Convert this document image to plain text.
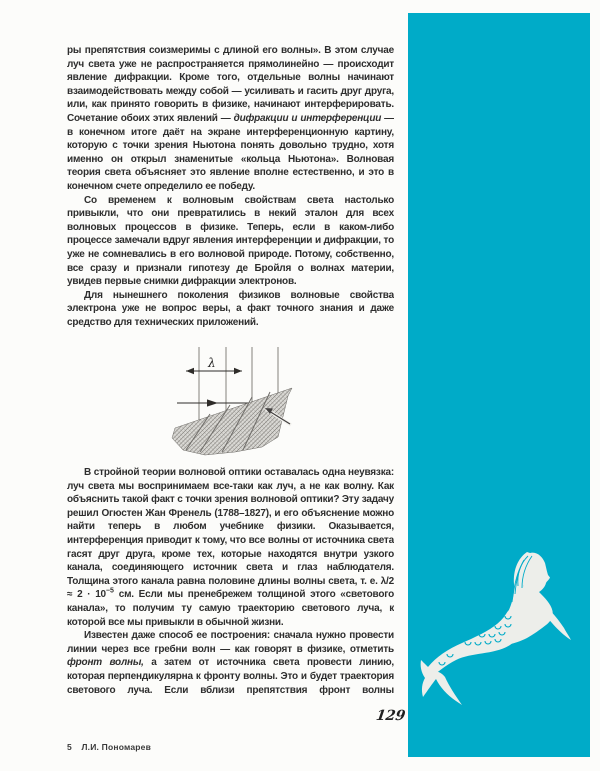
ры препятствия соизмеримы с длиной его волны». В этом случае луч света уже не распространяется прямолинейно — происходит явление дифракции. Кроме того, отдельные волны начинают взаимодействовать между собой — усиливать и гасить друг друга, или, как принято говорить в физике, начинают интерферировать. Сочетание обоих этих явлений — дифракции и интерференции — в конечном итоге даёт на экране интерференционную картину, которую с точки зрения Ньютона понять довольно трудно, хотя именно он открыл знаменитые «кольца Ньютона». Волновая теория света объясняет это явление вполне естественно, и это в конечном счете определило ее победу.

Со временем к волновым свойствам света настолько привыкли, что они превратились в некий эталон для всех волновых процессов в физике. Теперь, если в каком-либо процессе замечали вдруг явления интерференции и дифракции, то уже не сомневались в его волновой природе. Потому, собственно, все сразу и признали гипотезу де Бройля о волнах материи, увидев первые снимки дифракции электронов.

Для нынешнего поколения физиков волновые свойства электрона уже не вопрос веры, а факт точного знания и даже средство для технических приложений.

λ

В стройной теории волновой оптики оставалась одна неувязка: луч света мы воспринимаем все-таки как луч, а не как волну. Как объяснить такой факт с точки зрения волновой оптики? Эту задачу решил Огюстен Жан Френель (1788–1827), и его объяснение можно найти теперь в любом учебнике физики. Оказывается, интерференция приводит к тому, что все волны от источника света гасят друг друга, кроме тех, которые находятся внутри узкого канала, соединяющего источник света и глаз наблюдателя. Толщина этого канала равна половине длины волны света, т. е. $\lambda/2 \approx 2 \cdot 10^{-5}$ см. Если мы пренебрежем толщиной этого «светового канала», то получим ту самую траекторию светового луча, к которой все мы привыкли в обычной жизни.

Известен даже способ ее построения: сначала нужно провести линии через все гребни волн — как говорят в физике, отметить фронт волны, а затем от источника света провести линию, которая перпендикулярна к фронту волны. Это и будет траектория светового луча. Если вблизи препятствия фронт волны

129
5 Л.И. Пономарев
